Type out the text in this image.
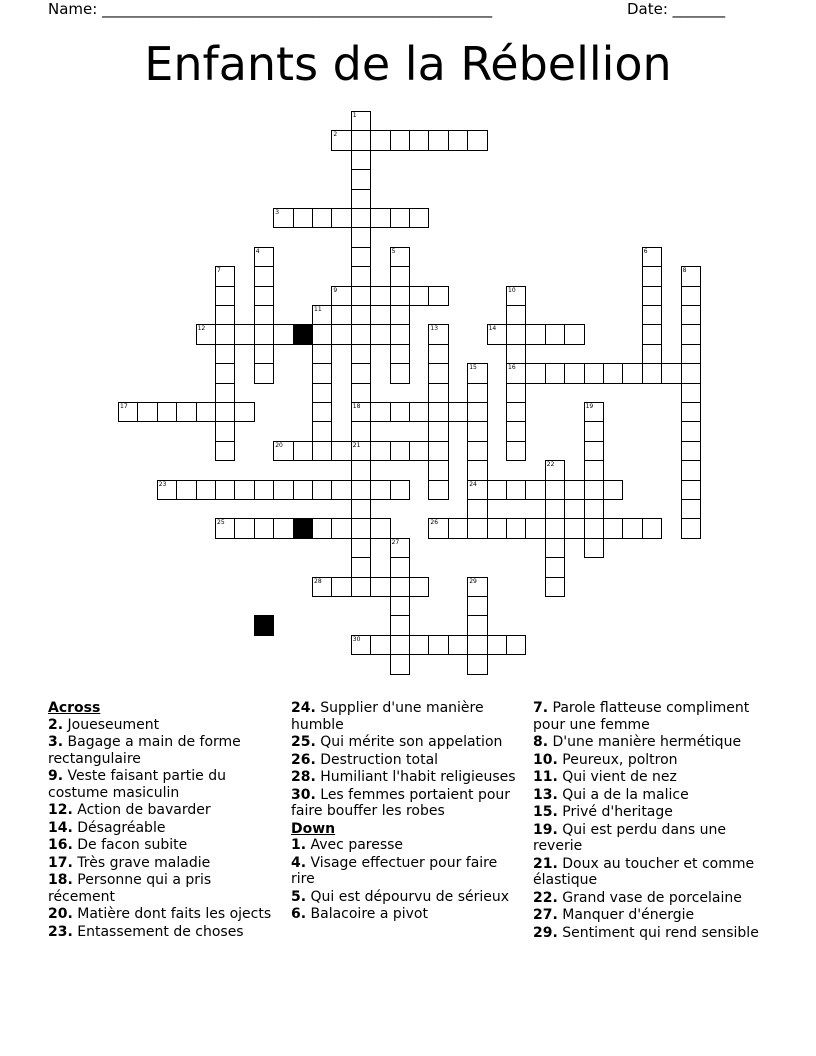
Name: ____________________________________________________	Date: _______
Enfants de la Rébellion
2
3
9
12	14
16
17	18
20	21
23	24
25	26
28
30
1
4	5	6
7	8
10
11
13
15
19
22
27
29
Across
2. Joueseument
3. Bagage a main de forme rectangulaire
9. Veste faisant partie du costume masiculin
12. Action de bavarder
14. Désagréable
16. De facon subite
17. Très grave maladie
18. Personne qui a pris récement
20. Matière dont faits les ojects
23. Entassement de choses
24. Supplier d'une manière humble
25. Qui mérite son appelation
26. Destruction total
28. Humiliant l'habit religieuses
30. Les femmes portaient pour faire bouffer les robes
Down
1. Avec paresse
4. Visage effectuer pour faire rire
5. Qui est dépourvu de sérieux
6. Balacoire a pivot
7. Parole flatteuse compliment pour une femme
8. D'une manière hermétique
10. Peureux, poltron
11. Qui vient de nez
13. Qui a de la malice
15. Privé d'heritage
19. Qui est perdu dans une reverie
21. Doux au toucher et comme élastique
22. Grand vase de porcelaine
27. Manquer d'énergie
29. Sentiment qui rend sensible
